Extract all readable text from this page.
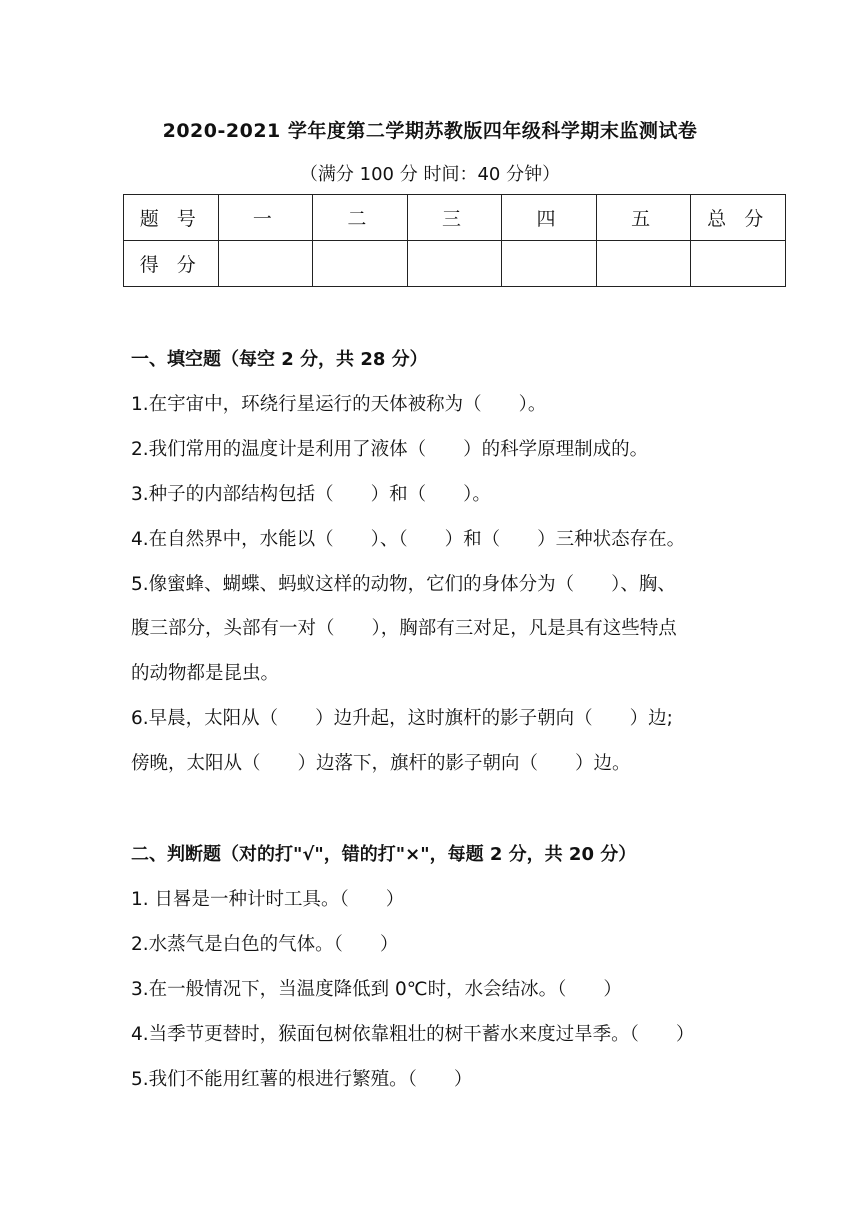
2020-2021 学年度第二学期苏教版四年级科学期末监测试卷
（满分 100 分 时间：40 分钟）
题 号	一	二	三	四	五	总 分
得 分						
一、填空题（每空 2 分，共 28 分）
1.在宇宙中，环绕行星运行的天体被称为（　　）。
2.我们常用的温度计是利用了液体（　　）的科学原理制成的。
3.种子的内部结构包括（　　）和（　　）。
4.在自然界中，水能以（　　）、（　　）和（　　）三种状态存在。
5.像蜜蜂、蝴蝶、蚂蚁这样的动物，它们的身体分为（　　）、胸、
腹三部分，头部有一对（　　），胸部有三对足，凡是具有这些特点
的动物都是昆虫。
6.早晨，太阳从（　　）边升起，这时旗杆的影子朝向（　　）边;
傍晚，太阳从（　　）边落下，旗杆的影子朝向（　　）边。
二、判断题（对的打"√"，错的打"×"，每题 2 分，共 20 分）
1. 日晷是一种计时工具。（　　）
2.水蒸气是白色的气体。（　　）
3.在一般情况下，当温度降低到 0℃时，水会结冰。（　　）
4.当季节更替时，猴面包树依靠粗壮的树干蓄水来度过旱季。（　　）
5.我们不能用红薯的根进行繁殖。（　　）
